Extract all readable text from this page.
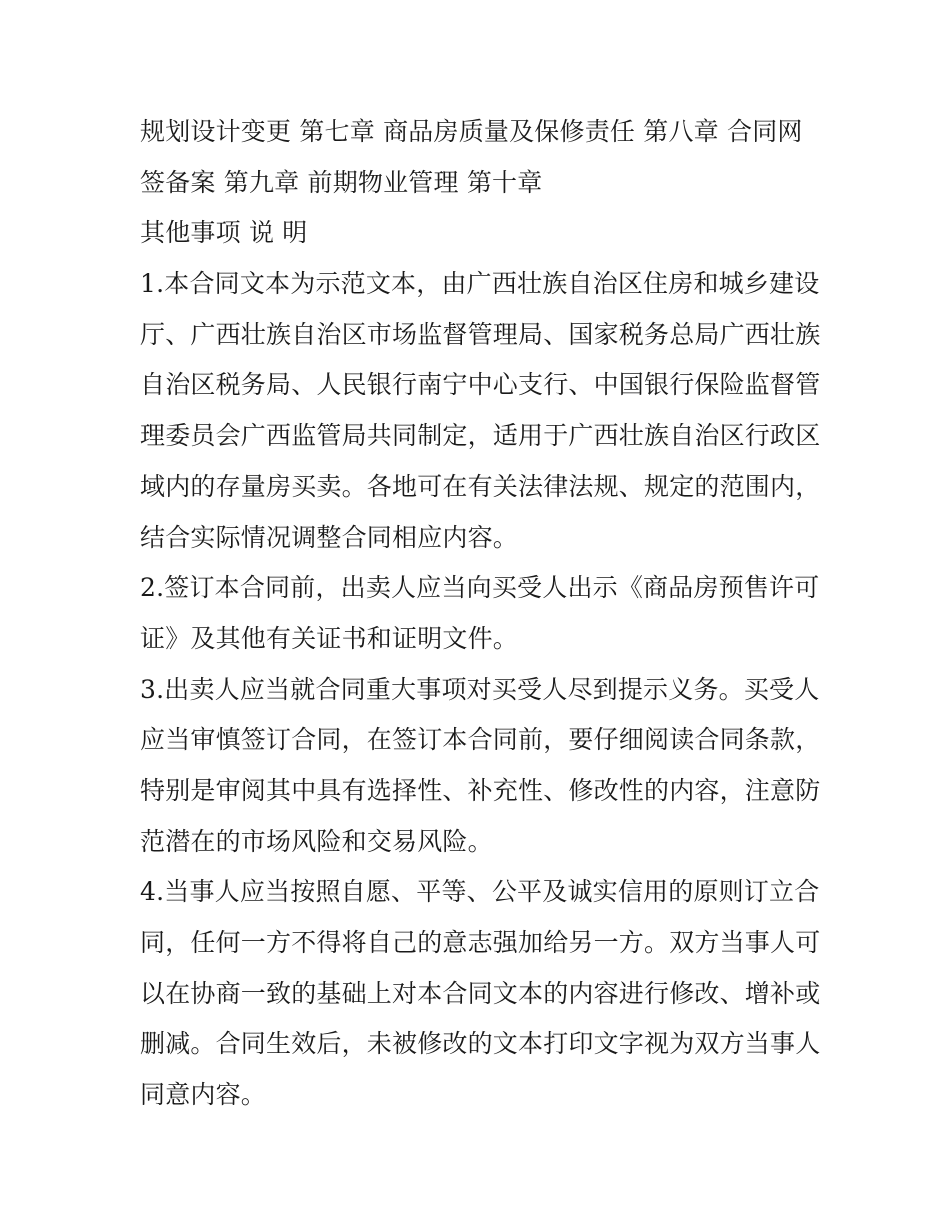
规划设计变更 第七章 商品房质量及保修责任 第八章 合同网
签备案 第九章 前期物业管理 第十章
其他事项 说 明
1.本合同文本为示范文本，由广西壮族自治区住房和城乡建设
厅、广西壮族自治区市场监督管理局、国家税务总局广西壮族
自治区税务局、人民银行南宁中心支行、中国银行保险监督管
理委员会广西监管局共同制定，适用于广西壮族自治区行政区
域内的存量房买卖。各地可在有关法律法规、规定的范围内，
结合实际情况调整合同相应内容。
2.签订本合同前，出卖人应当向买受人出示《商品房预售许可
证》及其他有关证书和证明文件。
3.出卖人应当就合同重大事项对买受人尽到提示义务。买受人
应当审慎签订合同，在签订本合同前，要仔细阅读合同条款，
特别是审阅其中具有选择性、补充性、修改性的内容，注意防
范潜在的市场风险和交易风险。
4.当事人应当按照自愿、平等、公平及诚实信用的原则订立合
同，任何一方不得将自己的意志强加给另一方。双方当事人可
以在协商一致的基础上对本合同文本的内容进行修改、增补或
删减。合同生效后，未被修改的文本打印文字视为双方当事人
同意内容。
